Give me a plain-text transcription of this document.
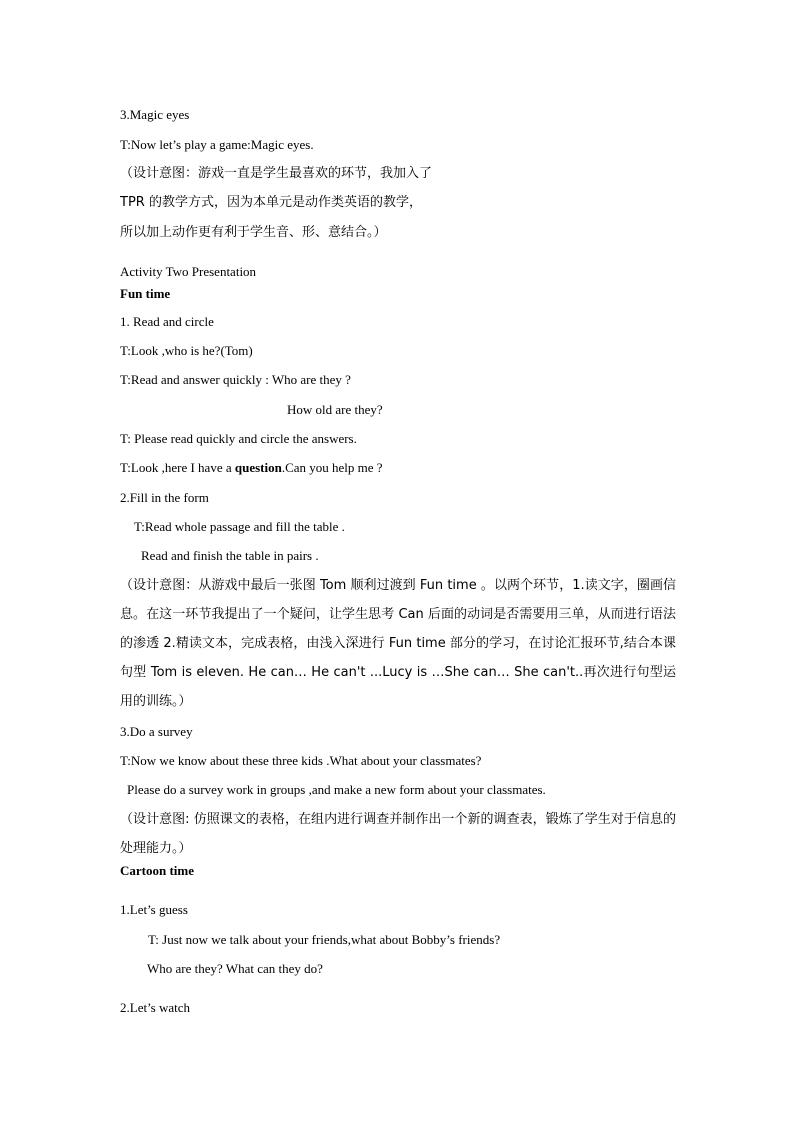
3.Magic eyes
T:Now let’s play a game:Magic eyes.
（设计意图：游戏一直是学生最喜欢的环节，我加入了
TPR 的教学方式，因为本单元是动作类英语的教学，
所以加上动作更有利于学生音、形、意结合。）
Activity Two Presentation
Fun time
1. Read and circle
T:Look ,who is he?(Tom)
T:Read and answer quickly : Who are they ?
How old are they?
T: Please read quickly and circle the answers.
T:Look ,here I have a question.Can you help me ?
2.Fill in the form
T:Read whole passage and fill the table .
Read and finish the table in pairs .
（设计意图：从游戏中最后一张图 Tom 顺利过渡到 Fun time 。以两个环节，1.读文字，圈画信息。在这一环节我提出了一个疑问，让学生思考 Can 后面的动词是否需要用三单，从而进行语法的渗透 2.精读文本，完成表格，由浅入深进行 Fun time 部分的学习，在讨论汇报环节,结合本课句型 Tom is eleven. He can… He can't ...Lucy is …She can… She can't..再次进行句型运用的训练。）
3.Do a survey
T:Now we know about these three kids .What about your classmates?
Please do a survey work in groups ,and make a new form about your classmates.
（设计意图: 仿照课文的表格，在组内进行调查并制作出一个新的调查表，锻炼了学生对于信息的处理能力。）
Cartoon time
1.Let’s guess
T: Just now we talk about your friends,what about Bobby’s friends?
Who are they? What can they do?
2.Let’s watch
